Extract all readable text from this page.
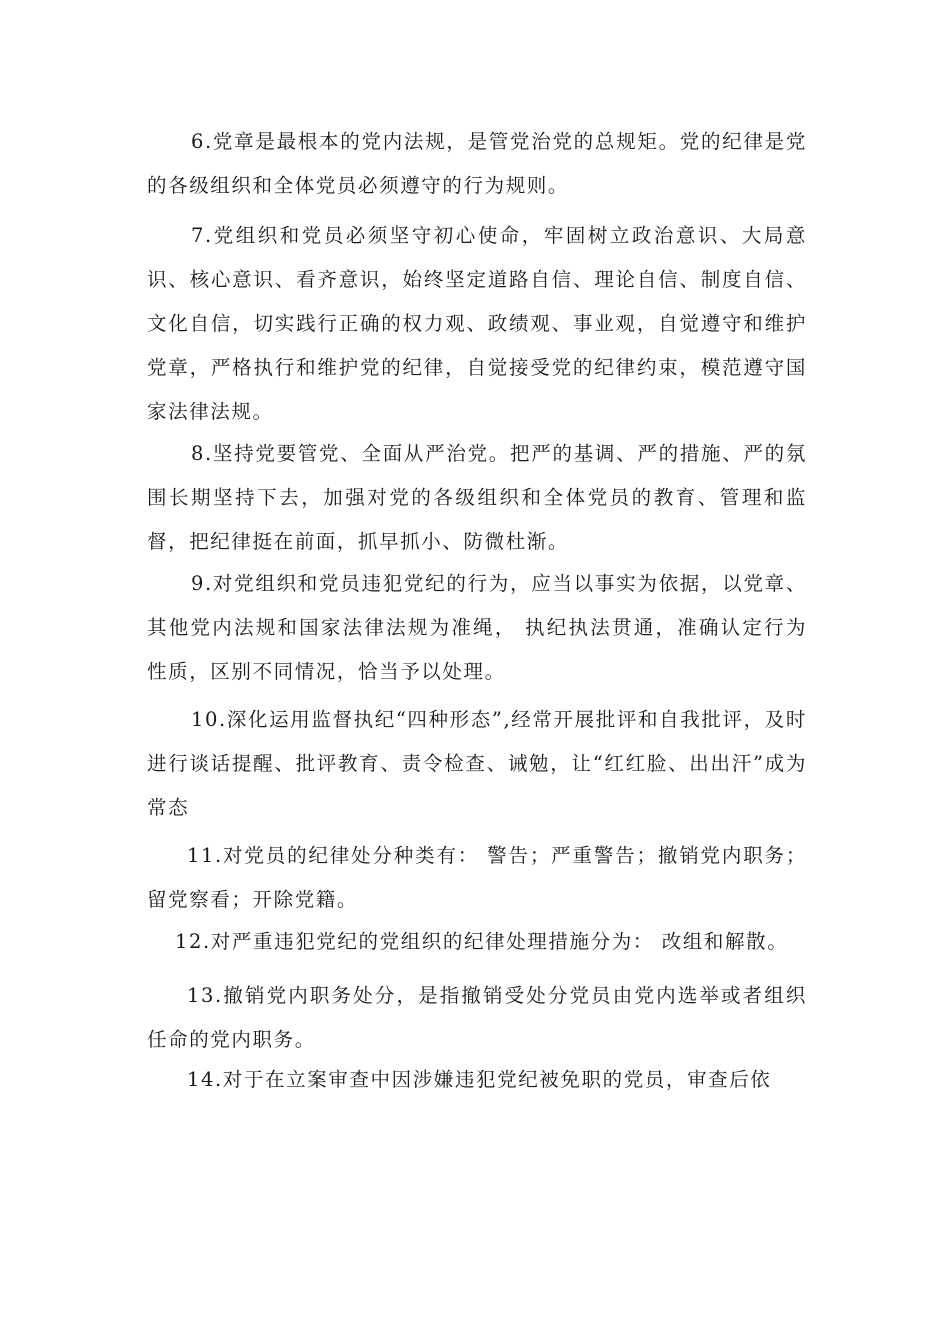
6.党章是最根本的党内法规，是管党治党的总规矩。党的纪律是党的各级组织和全体党员必须遵守的行为规则。

7.党组织和党员必须坚守初心使命，牢固树立政治意识、大局意识、核心意识、看齐意识，始终坚定道路自信、理论自信、制度自信、文化自信，切实践行正确的权力观、政绩观、事业观，自觉遵守和维护党章，严格执行和维护党的纪律，自觉接受党的纪律约束，模范遵守国家法律法规。

8.坚持党要管党、全面从严治党。把严的基调、严的措施、严的氛围长期坚持下去，加强对党的各级组织和全体党员的教育、管理和监督，把纪律挺在前面，抓早抓小、防微杜渐。

9.对党组织和党员违犯党纪的行为，应当以事实为依据，以党章、其他党内法规和国家法律法规为准绳， 执纪执法贯通，准确认定行为性质，区别不同情况，恰当予以处理。

10.深化运用监督执纪“四种形态”,经常开展批评和自我批评，及时进行谈话提醒、批评教育、责令检查、诫勉，让“红红脸、出出汗”成为常态

11.对党员的纪律处分种类有： 警告；严重警告；撤销党内职务；留党察看；开除党籍。

12.对严重违犯党纪的党组织的纪律处理措施分为： 改组和解散。

13.撤销党内职务处分，是指撤销受处分党员由党内选举或者组织任命的党内职务。

14.对于在立案审查中因涉嫌违犯党纪被免职的党员，审查后依
